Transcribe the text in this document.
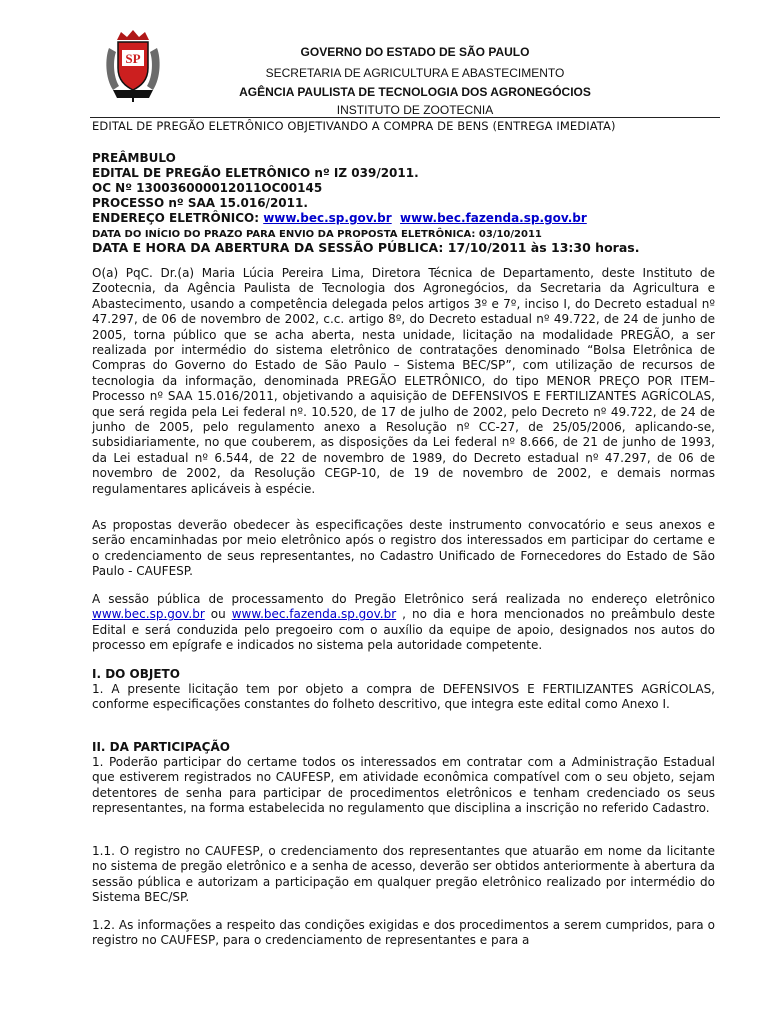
SP	GOVERNO DO ESTADO DE SÃO PAULO
SECRETARIA DE AGRICULTURA E ABASTECIMENTO
AGÊNCIA PAULISTA DE TECNOLOGIA DOS AGRONEGÓCIOS
INSTITUTO DE ZOOTECNIA
EDITAL DE PREGÃO ELETRÔNICO OBJETIVANDO A COMPRA DE BENS (ENTREGA IMEDIATA)
PREÂMBULO
EDITAL DE PREGÃO ELETRÔNICO nº IZ 039/2011.
OC Nº 130036000012011OC00145
PROCESSO nº SAA 15.016/2011.
ENDEREÇO ELETRÔNICO: www.bec.sp.gov.br www.bec.fazenda.sp.gov.br
DATA DO INÍCIO DO PRAZO PARA ENVIO DA PROPOSTA ELETRÔNICA: 03/10/2011
DATA E HORA DA ABERTURA DA SESSÃO PÚBLICA: 17/10/2011 às 13:30 horas.
O(a) PqC. Dr.(a) Maria Lúcia Pereira Lima, Diretora Técnica de Departamento, deste Instituto de Zootecnia, da Agência Paulista de Tecnologia dos Agronegócios, da Secretaria da Agricultura e Abastecimento, usando a competência delegada pelos artigos 3º e 7º, inciso I, do Decreto estadual nº 47.297, de 06 de novembro de 2002, c.c. artigo 8º, do Decreto estadual nº 49.722, de 24 de junho de 2005, torna público que se acha aberta, nesta unidade, licitação na modalidade PREGÃO, a ser realizada por intermédio do sistema eletrônico de contratações denominado “Bolsa Eletrônica de Compras do Governo do Estado de São Paulo – Sistema BEC/SP”, com utilização de recursos de tecnologia da informação, denominada PREGÃO ELETRÔNICO, do tipo MENOR PREÇO POR ITEM– Processo nº SAA 15.016/2011, objetivando a aquisição de DEFENSIVOS E FERTILIZANTES AGRÍCOLAS, que será regida pela Lei federal nº. 10.520, de 17 de julho de 2002, pelo Decreto nº 49.722, de 24 de junho de 2005, pelo regulamento anexo a Resolução nº CC-27, de 25/05/2006, aplicando-se, subsidiariamente, no que couberem, as disposições da Lei federal nº 8.666, de 21 de junho de 1993, da Lei estadual nº 6.544, de 22 de novembro de 1989, do Decreto estadual nº 47.297, de 06 de novembro de 2002, da Resolução CEGP-10, de 19 de novembro de 2002, e demais normas regulamentares aplicáveis à espécie.
As propostas deverão obedecer às especificações deste instrumento convocatório e seus anexos e serão encaminhadas por meio eletrônico após o registro dos interessados em participar do certame e o credenciamento de seus representantes, no Cadastro Unificado de Fornecedores do Estado de São Paulo - CAUFESP.
A sessão pública de processamento do Pregão Eletrônico será realizada no endereço eletrônico www.bec.sp.gov.br ou www.bec.fazenda.sp.gov.br , no dia e hora mencionados no preâmbulo deste Edital e será conduzida pelo pregoeiro com o auxílio da equipe de apoio, designados nos autos do processo em epígrafe e indicados no sistema pela autoridade competente.
I. DO OBJETO
1. A presente licitação tem por objeto a compra de DEFENSIVOS E FERTILIZANTES AGRÍCOLAS, conforme especificações constantes do folheto descritivo, que integra este edital como Anexo I.
II. DA PARTICIPAÇÃO
1. Poderão participar do certame todos os interessados em contratar com a Administração Estadual que estiverem registrados no CAUFESP, em atividade econômica compatível com o seu objeto, sejam detentores de senha para participar de procedimentos eletrônicos e tenham credenciado os seus representantes, na forma estabelecida no regulamento que disciplina a inscrição no referido Cadastro.
1.1. O registro no CAUFESP, o credenciamento dos representantes que atuarão em nome da licitante no sistema de pregão eletrônico e a senha de acesso, deverão ser obtidos anteriormente à abertura da sessão pública e autorizam a participação em qualquer pregão eletrônico realizado por intermédio do Sistema BEC/SP.
1.2. As informações a respeito das condições exigidas e dos procedimentos a serem cumpridos, para o registro no CAUFESP, para o credenciamento de representantes e para a
